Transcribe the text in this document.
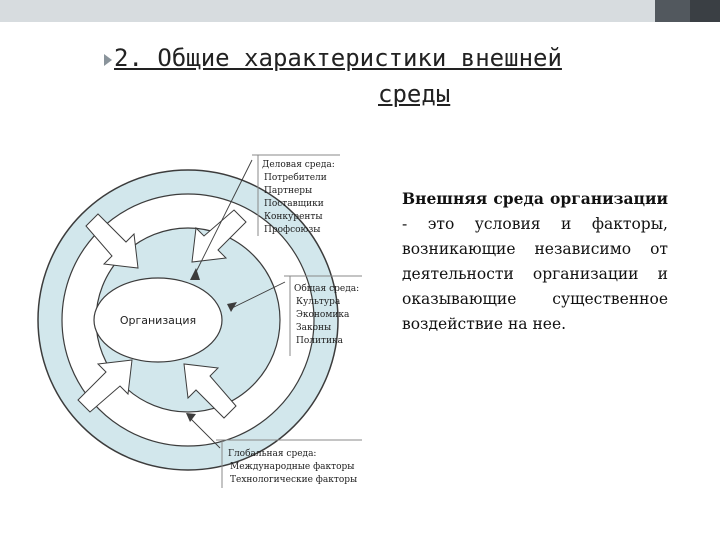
2. Общие характеристики внешней
среды
Организация
Деловая среда:
Потребители
Партнеры
Поставщики
Конкуренты
Профсоюзы
Общая среда:
Культура
Экономика
Законы
Политика
Глобальная среда:
Международные факторы
Технологические факторы
Внешняя среда организации - это условия и факторы, возникающие независимо от деятельности организации и оказывающие существенное воздействие на нее.
